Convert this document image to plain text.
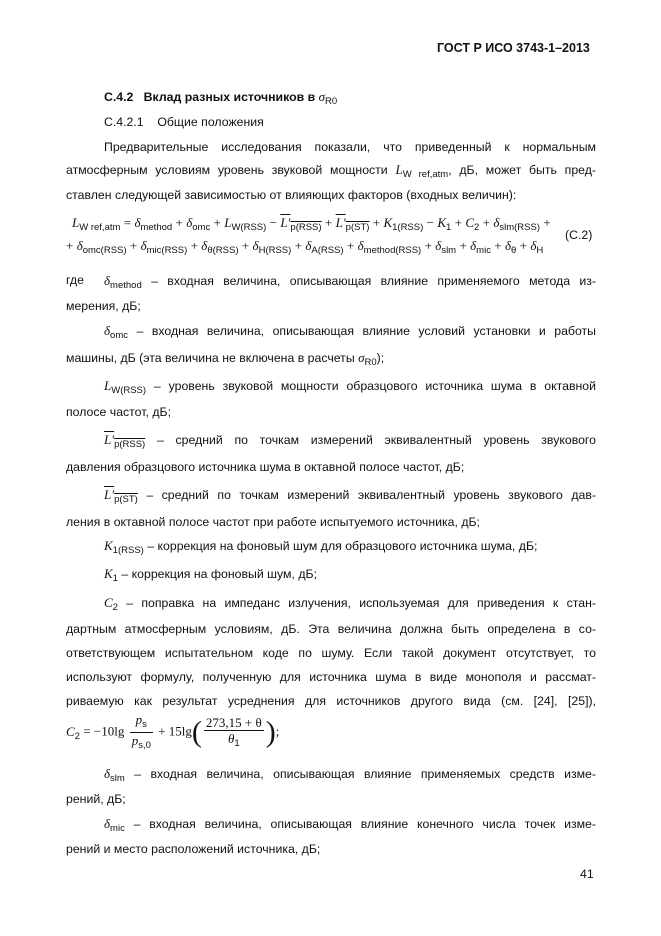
ГОСТ Р ИСО 3743-1–2013
C.4.2 Вклад разных источников в $\sigma_{R0}$
C.4.2.1 Общие положения
Предварительные исследования показали, что приведенный к нормальным
атмосферным условиям уровень звуковой мощности $L_{W ref,atm}$, дБ, может быть пред-
ставлен следующей зависимостью от влияющих факторов (входных величин):
$L_{W ref,atm} = \delta_{method} + \delta_{omc} + L_{W(RSS)} - L'_{p(RSS)} + L'_{p(ST)} + K_{1(RSS)} - K_1 + C_2 + \delta_{slm(RSS)}$ +
+ $\delta_{omc(RSS)} + \delta_{mic(RSS)} + \delta_{\theta(RSS)} + \delta_{H(RSS)} + \delta_{A(RSS)} + \delta_{method(RSS)} + \delta_{slm} + \delta_{mic} + \delta_\theta + \delta_H$
(C.2)
где $\delta_{method}$ – входная величина, описывающая влияние применяемого метода из-
мерения, дБ;
$\delta_{omc}$ – входная величина, описывающая влияние условий установки и работы
машины, дБ (эта величина не включена в расчеты $\sigma_{R0}$);
$L_{W(RSS)}$ – уровень звуковой мощности образцового источника шума в октавной
полосе частот, дБ;
$L'_{p(RSS)}$ – средний по точкам измерений эквивалентный уровень звукового
давления образцового источника шума в октавной полосе частот, дБ;
$L'_{p(ST)}$ – средний по точкам измерений эквивалентный уровень звукового дав-
ления в октавной полосе частот при работе испытуемого источника, дБ;
$K_{1(RSS)}$ – коррекция на фоновый шум для образцового источника шума, дБ;
$K_1$ – коррекция на фоновый шум, дБ;
$C_2$ – поправка на импеданс излучения, используемая для приведения к стан-
дартным атмосферным условиям, дБ. Эта величина должна быть определена в со-
ответствующем испытательном коде по шуму. Если такой документ отсутствует, то
используют формулу, полученную для источника шума в виде монополя и рассмат-
риваемую как результат усреднения для источников другого вида (см. [24], [25]),
$C_2 = -10\lg \frac{p_s}{p_{s,0}} + 15\lg( \frac{273,15 + \theta}{\theta_1}$ );
$\delta_{slm}$ – входная величина, описывающая влияние применяемых средств изме-
рений, дБ;
$\delta_{mic}$ – входная величина, описывающая влияние конечного числа точек изме-
рений и место расположений источника, дБ;
41
